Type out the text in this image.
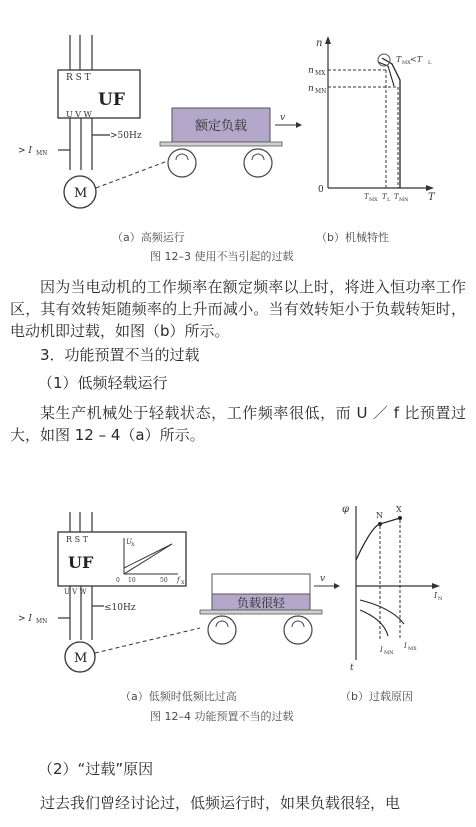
R S T
UF
U V W
>50Hz
> I MN
M
额定负载
v
n
n MX
n MN
0
T
T MX <T L
T MX T L T MN
（a）高频运行	（b）机械特性
图 12–3 使用不当引起的过载
因为当电动机的工作频率在额定频率以上时，将进入恒功率工作区，其有效转矩随频率的上升而减小。当有效转矩小于负载转矩时，电动机即过载，如图（b）所示。
3．功能预置不当的过载
（1）低频轻载运行
某生产机械处于轻载状态，工作频率很低，而 U ／ f 比预置过大，如图 12 – 4（a）所示。
R S T
UF
U V W
U X
0 10	50 f X
≤10Hz
> I MN
M
负载很轻
v
φ
N
X
I N
I MN
I MX
t
（a）低频时低频比过高	（b）过载原因
图 12–4 功能预置不当的过载
（2）“过载”原因
过去我们曾经讨论过，低频运行时，如果负载很轻，电
